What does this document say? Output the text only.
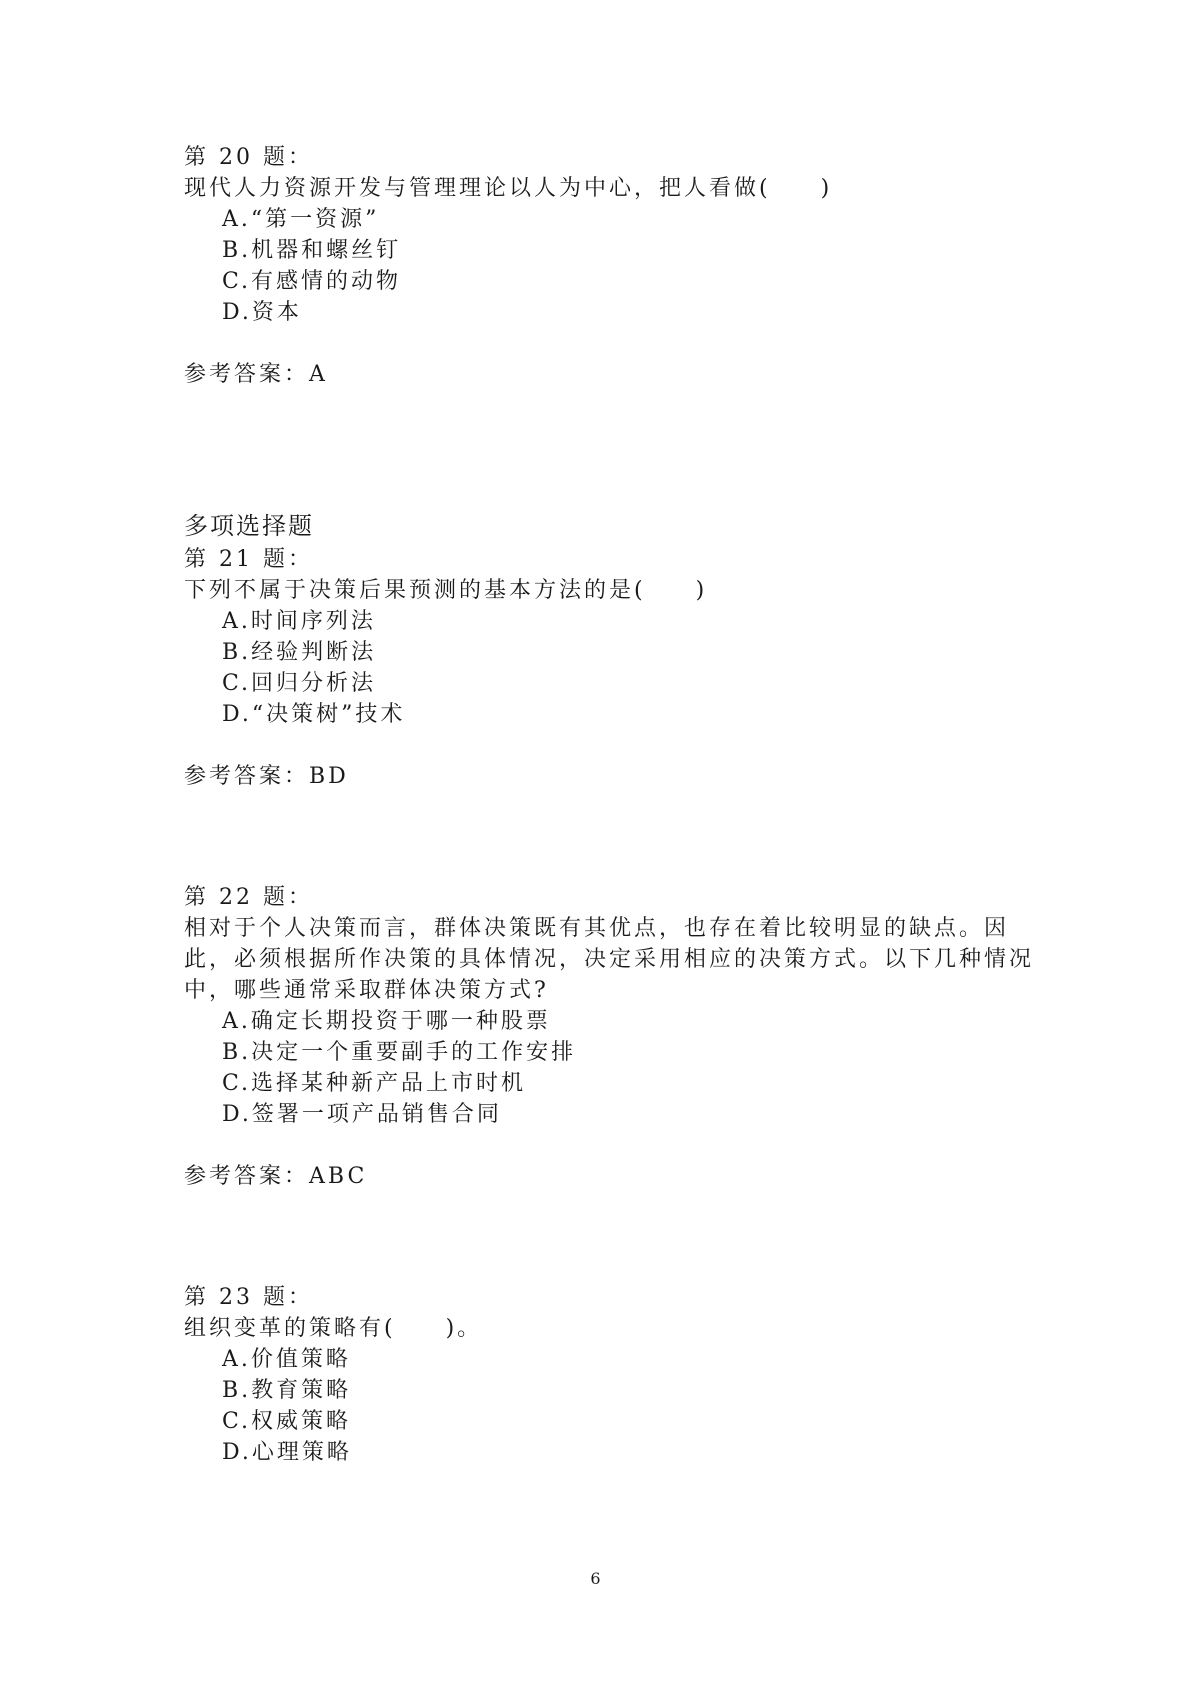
第 20 题：
现代人力资源开发与管理理论以人为中心，把人看做(　　)
A.“第一资源”
B.机器和螺丝钉
C.有感情的动物
D.资本
参考答案：A
多项选择题
第 21 题：
下列不属于决策后果预测的基本方法的是(　　)
A.时间序列法
B.经验判断法
C.回归分析法
D.“决策树”技术
参考答案：BD
第 22 题：
相对于个人决策而言，群体决策既有其优点，也存在着比较明显的缺点。因
此，必须根据所作决策的具体情况，决定采用相应的决策方式。以下几种情况
中，哪些通常采取群体决策方式?
A.确定长期投资于哪一种股票
B.决定一个重要副手的工作安排
C.选择某种新产品上市时机
D.签署一项产品销售合同
参考答案：ABC
第 23 题：
组织变革的策略有(　　)。
A.价值策略
B.教育策略
C.权威策略
D.心理策略
6
